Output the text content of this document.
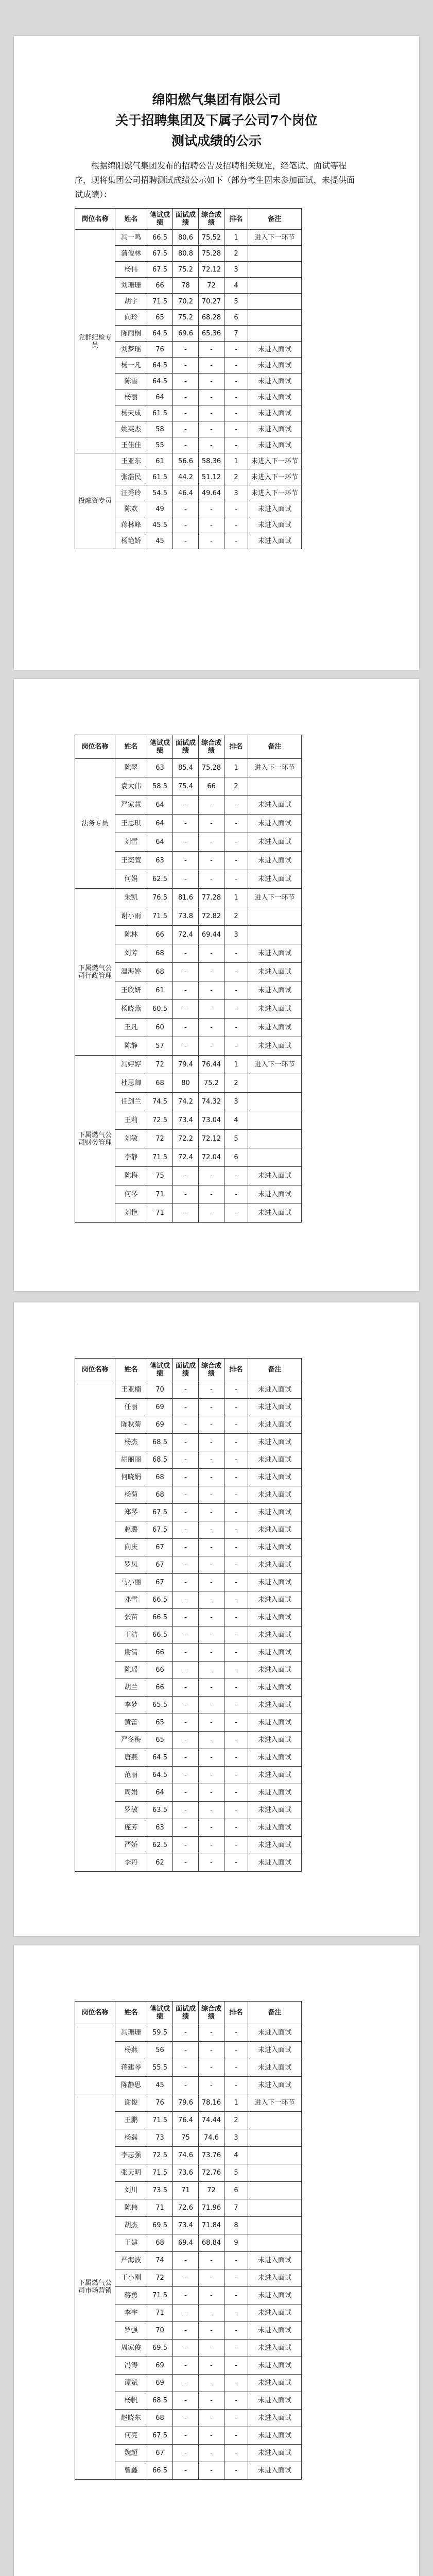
绵阳燃气集团有限公司
关于招聘集团及下属子公司7个岗位
测试成绩的公示

根据绵阳燃气集团发布的招聘公告及招聘相关规定，经笔试、面试等程序，现将集团公司招聘测试成绩公示如下（部分考生因未参加面试，未提供面试成绩）：

岗位名称	姓名	笔试成绩	面试成绩	综合成绩	排名	备注
党群纪检专员	冯一鸣	66.5	80.6	75.52	1	进入下一环节
	蒲俊林	67.5	80.8	75.28	2	
	杨伟	67.5	75.2	72.12	3	
	刘珊珊	66	78	72	4	
	胡宇	71.5	70.2	70.27	5	
	向玲	65	75.2	68.28	6	
	陈雨桐	64.5	69.6	65.36	7	
	刘梦瑶	76	-	-	-	未进入面试
	杨一凡	64.5	-	-	-	未进入面试
	陈雪	64.5	-	-	-	未进入面试
	杨丽	64	-	-	-	未进入面试
	杨天成	61.5	-	-	-	未进入面试
	姚英杰	58	-	-	-	未进入面试
	王佳佳	55	-	-	-	未进入面试
投融资专员	王亚东	61	56.6	58.36	1	未进入下一环节
	张浩民	61.5	44.2	51.12	2	未进入下一环节
	汪秀玲	54.5	46.4	49.64	3	未进入下一环节
	陈欢	49	-	-	-	未进入面试
	蒋林峰	45.5	-	-	-	未进入面试
	杨艳娇	45	-	-	-	未进入面试
岗位名称	姓名	笔试成绩	面试成绩	综合成绩	排名	备注
法务专员	陈翠	63	85.4	75.28	1	进入下一环节
	袁大伟	58.5	75.4	66	2	
	严家慧	64	-	-	-	未进入面试
	王思琪	64	-	-	-	未进入面试
	刘雪	64	-	-	-	未进入面试
	王奕萱	63	-	-	-	未进入面试
	何娟	62.5	-	-	-	未进入面试
下属燃气公司行政管理	朱凯	76.5	81.6	77.28	1	进入下一环节
	谢小雨	71.5	73.8	72.82	2	
	陈林	66	72.4	69.44	3	
	刘芳	68	-	-	-	未进入面试
	温海婷	68	-	-	-	未进入面试
	王欣妍	61	-	-	-	未进入面试
	杨晓燕	60.5	-	-	-	未进入面试
	王凡	60	-	-	-	未进入面试
	陈静	57	-	-	-	未进入面试
下属燃气公司财务管理	冯婷婷	72	79.4	76.44	1	进入下一环节
	杜思卿	68	80	75.2	2	
	任剑兰	74.5	74.2	74.32	3	
	王莉	72.5	73.4	73.04	4	
	刘敏	72	72.2	72.12	5	
	李静	71.5	72.4	72.04	6	
	陈梅	75	-	-	-	未进入面试
	何琴	71	-	-	-	未进入面试
	刘艳	71	-	-	-	未进入面试
岗位名称	姓名	笔试成绩	面试成绩	综合成绩	排名	备注
	王亚楠	70	-	-	-	未进入面试
	任丽	69	-	-	-	未进入面试
	陈秋菊	69	-	-	-	未进入面试
	杨杰	68.5	-	-	-	未进入面试
	胡丽丽	68.5	-	-	-	未进入面试
	何晓娟	68	-	-	-	未进入面试
	杨菊	68	-	-	-	未进入面试
	郑琴	67.5	-	-	-	未进入面试
	赵璐	67.5	-	-	-	未进入面试
	向庆	67	-	-	-	未进入面试
	罗凤	67	-	-	-	未进入面试
	马小丽	67	-	-	-	未进入面试
	邓雪	66.5	-	-	-	未进入面试
	张苗	66.5	-	-	-	未进入面试
	王洁	66.5	-	-	-	未进入面试
	谢清	66	-	-	-	未进入面试
	陈瑶	66	-	-	-	未进入面试
	胡兰	66	-	-	-	未进入面试
	李梦	65.5	-	-	-	未进入面试
	黄蕾	65	-	-	-	未进入面试
	严冬梅	65	-	-	-	未进入面试
	唐燕	64.5	-	-	-	未进入面试
	范丽	64.5	-	-	-	未进入面试
	周娟	64	-	-	-	未进入面试
	罗敏	63.5	-	-	-	未进入面试
	庞芳	63	-	-	-	未进入面试
	严娇	62.5	-	-	-	未进入面试
	李丹	62	-	-	-	未进入面试
岗位名称	姓名	笔试成绩	面试成绩	综合成绩	排名	备注
	冯珊珊	59.5	-	-	-	未进入面试
	杨燕	56	-	-	-	未进入面试
	蒋建琴	55.5	-	-	-	未进入面试
	陈静思	45	-	-	-	未进入面试
下属燃气公司市场营销	谢俊	76	79.6	78.16	1	进入下一环节
	王鹏	71.5	76.4	74.44	2	
	杨磊	73	75	74.6	3	
	李志强	72.5	74.6	73.76	4	
	张天明	71.5	73.6	72.76	5	
	刘川	73.5	71	72	6	
	陈伟	71	72.6	71.96	7	
	胡杰	69.5	73.4	71.84	8	
	王建	68	69.4	68.84	9	
	严海波	74	-	-	-	未进入面试
	王小刚	72	-	-	-	未进入面试
	蒋勇	71.5	-	-	-	未进入面试
	李宇	71	-	-	-	未进入面试
	罗强	70	-	-	-	未进入面试
	周家俊	69.5	-	-	-	未进入面试
	冯涛	69	-	-	-	未进入面试
	谭斌	69	-	-	-	未进入面试
	杨帆	68.5	-	-	-	未进入面试
	赵晓东	68	-	-	-	未进入面试
	何亮	67.5	-	-	-	未进入面试
	魏超	67	-	-	-	未进入面试
	曾鑫	66.5	-	-	-	未进入面试
